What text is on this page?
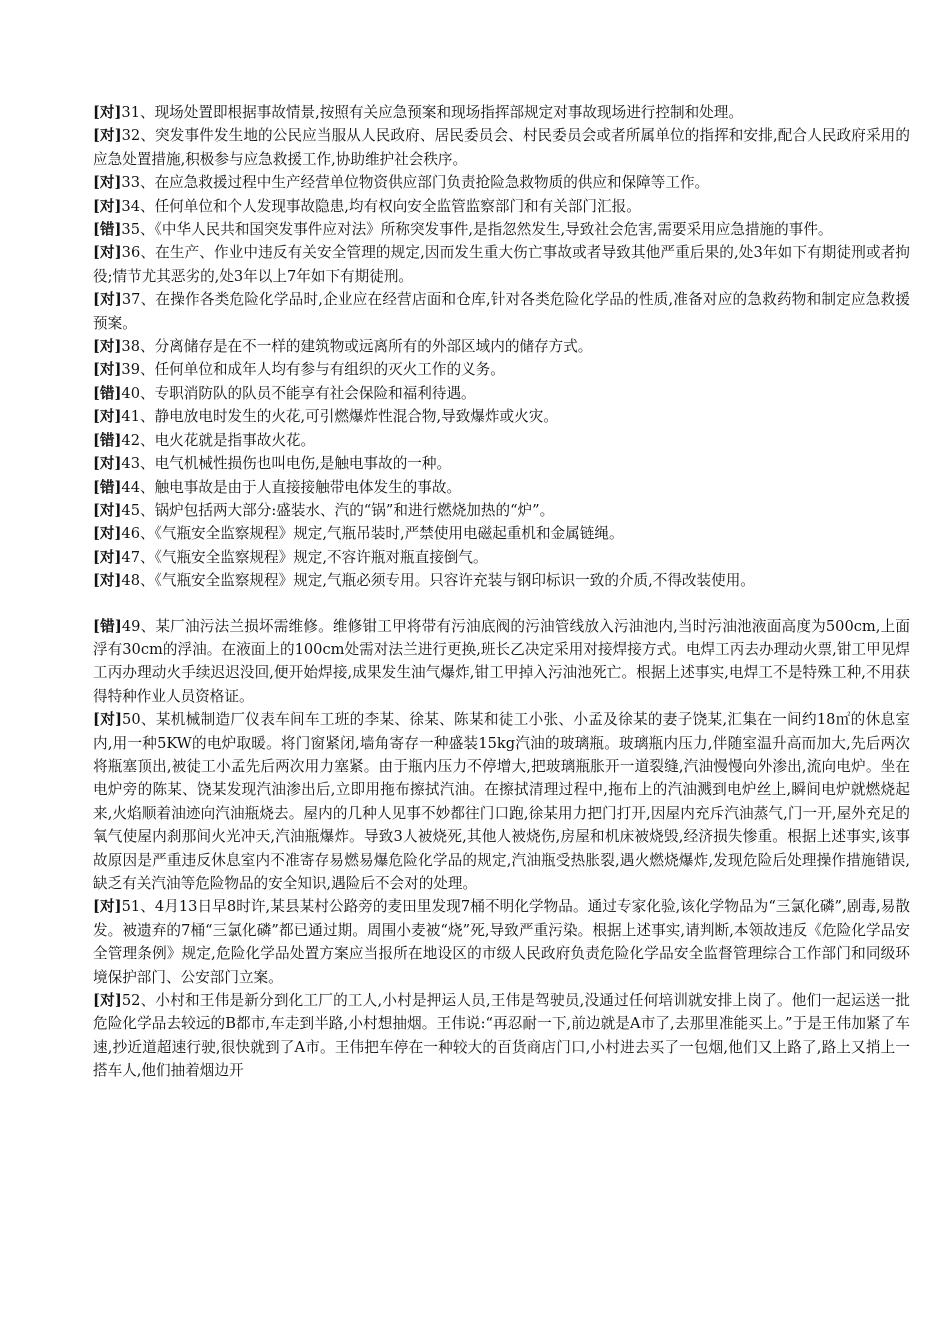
[对]31、现场处置即根据事故情景,按照有关应急预案和现场指挥部规定对事故现场进行控制和处理。

[对]32、突发事件发生地的公民应当服从人民政府、居民委员会、村民委员会或者所属单位的指挥和安排,配合人民政府采用的应急处置措施,积极参与应急救援工作,协助维护社会秩序。

[对]33、在应急救援过程中生产经营单位物资供应部门负责抢险急救物质的供应和保障等工作。

[对]34、任何单位和个人发现事故隐患,均有权向安全监管监察部门和有关部门汇报。

[错]35、《中华人民共和国突发事件应对法》所称突发事件,是指忽然发生,导致社会危害,需要采用应急措施的事件。

[对]36、在生产、作业中违反有关安全管理的规定,因而发生重大伤亡事故或者导致其他严重后果的,处3年如下有期徒刑或者拘役;情节尤其恶劣的,处3年以上7年如下有期徒刑。

[对]37、在操作各类危险化学品时,企业应在经营店面和仓库,针对各类危险化学品的性质,准备对应的急救药物和制定应急救援预案。

[对]38、分离储存是在不一样的建筑物或远离所有的外部区域内的储存方式。

[对]39、任何单位和成年人均有参与有组织的灭火工作的义务。

[错]40、专职消防队的队员不能享有社会保险和福利待遇。

[对]41、静电放电时发生的火花,可引燃爆炸性混合物,导致爆炸或火灾。

[错]42、电火花就是指事故火花。

[对]43、电气机械性损伤也叫电伤,是触电事故的一种。

[错]44、触电事故是由于人直接接触带电体发生的事故。

[对]45、锅炉包括两大部分:盛装水、汽的“锅”和进行燃烧加热的“炉”。

[对]46、《气瓶安全监察规程》规定,气瓶吊装时,严禁使用电磁起重机和金属链绳。

[对]47、《气瓶安全监察规程》规定,不容许瓶对瓶直接倒气。

[对]48、《气瓶安全监察规程》规定,气瓶必须专用。只容许充装与钢印标识一致的介质,不得改装使用。

[错]49、某厂油污法兰损坏需维修。维修钳工甲将带有污油底阀的污油管线放入污油池内,当时污油池液面高度为500cm,上面浮有30cm的浮油。在液面上的100cm处需对法兰进行更换,班长乙决定采用对接焊接方式。电焊工丙去办理动火票,钳工甲见焊工丙办理动火手续迟迟没回,便开始焊接,成果发生油气爆炸,钳工甲掉入污油池死亡。根据上述事实,电焊工不是特殊工种,不用获得特种作业人员资格证。

[对]50、某机械制造厂仪表车间车工班的李某、徐某、陈某和徒工小张、小孟及徐某的妻子饶某,汇集在一间约18㎡的休息室内,用一种5KW的电炉取暖。将门窗紧闭,墙角寄存一种盛装15kg汽油的玻璃瓶。玻璃瓶内压力,伴随室温升高而加大,先后两次将瓶塞顶出,被徒工小孟先后两次用力塞紧。由于瓶内压力不停增大,把玻璃瓶胀开一道裂缝,汽油慢慢向外渗出,流向电炉。坐在电炉旁的陈某、饶某发现汽油渗出后,立即用拖布擦拭汽油。在擦拭清理过程中,拖布上的汽油溅到电炉丝上,瞬间电炉就燃烧起来,火焰顺着油迹向汽油瓶烧去。屋内的几种人见事不妙都往门口跑,徐某用力把门打开,因屋内充斥汽油蒸气,门一开,屋外充足的氧气使屋内刹那间火光冲天,汽油瓶爆炸。导致3人被烧死,其他人被烧伤,房屋和机床被烧毁,经济损失惨重。根据上述事实,该事故原因是严重违反休息室内不准寄存易燃易爆危险化学品的规定,汽油瓶受热胀裂,遇火燃烧爆炸,发现危险后处理操作措施错误,缺乏有关汽油等危险物品的安全知识,遇险后不会对的处理。

[对]51、4月13日早8时许,某县某村公路旁的麦田里发现7桶不明化学物品。通过专家化验,该化学物品为“三氯化磷”,剧毒,易散发。被遗弃的7桶“三氯化磷”都已通过期。周围小麦被“烧”死,导致严重污染。根据上述事实,请判断,本领故违反《危险化学品安全管理条例》规定,危险化学品处置方案应当报所在地设区的市级人民政府负责危险化学品安全监督管理综合工作部门和同级环境保护部门、公安部门立案。

[对]52、小村和王伟是新分到化工厂的工人,小村是押运人员,王伟是驾驶员,没通过任何培训就安排上岗了。他们一起运送一批危险化学品去较远的B都市,车走到半路,小村想抽烟。王伟说:“再忍耐一下,前边就是A市了,去那里准能买上。”于是王伟加紧了车速,抄近道超速行驶,很快就到了A市。王伟把车停在一种较大的百货商店门口,小村进去买了一包烟,他们又上路了,路上又捎上一搭车人,他们抽着烟边开
